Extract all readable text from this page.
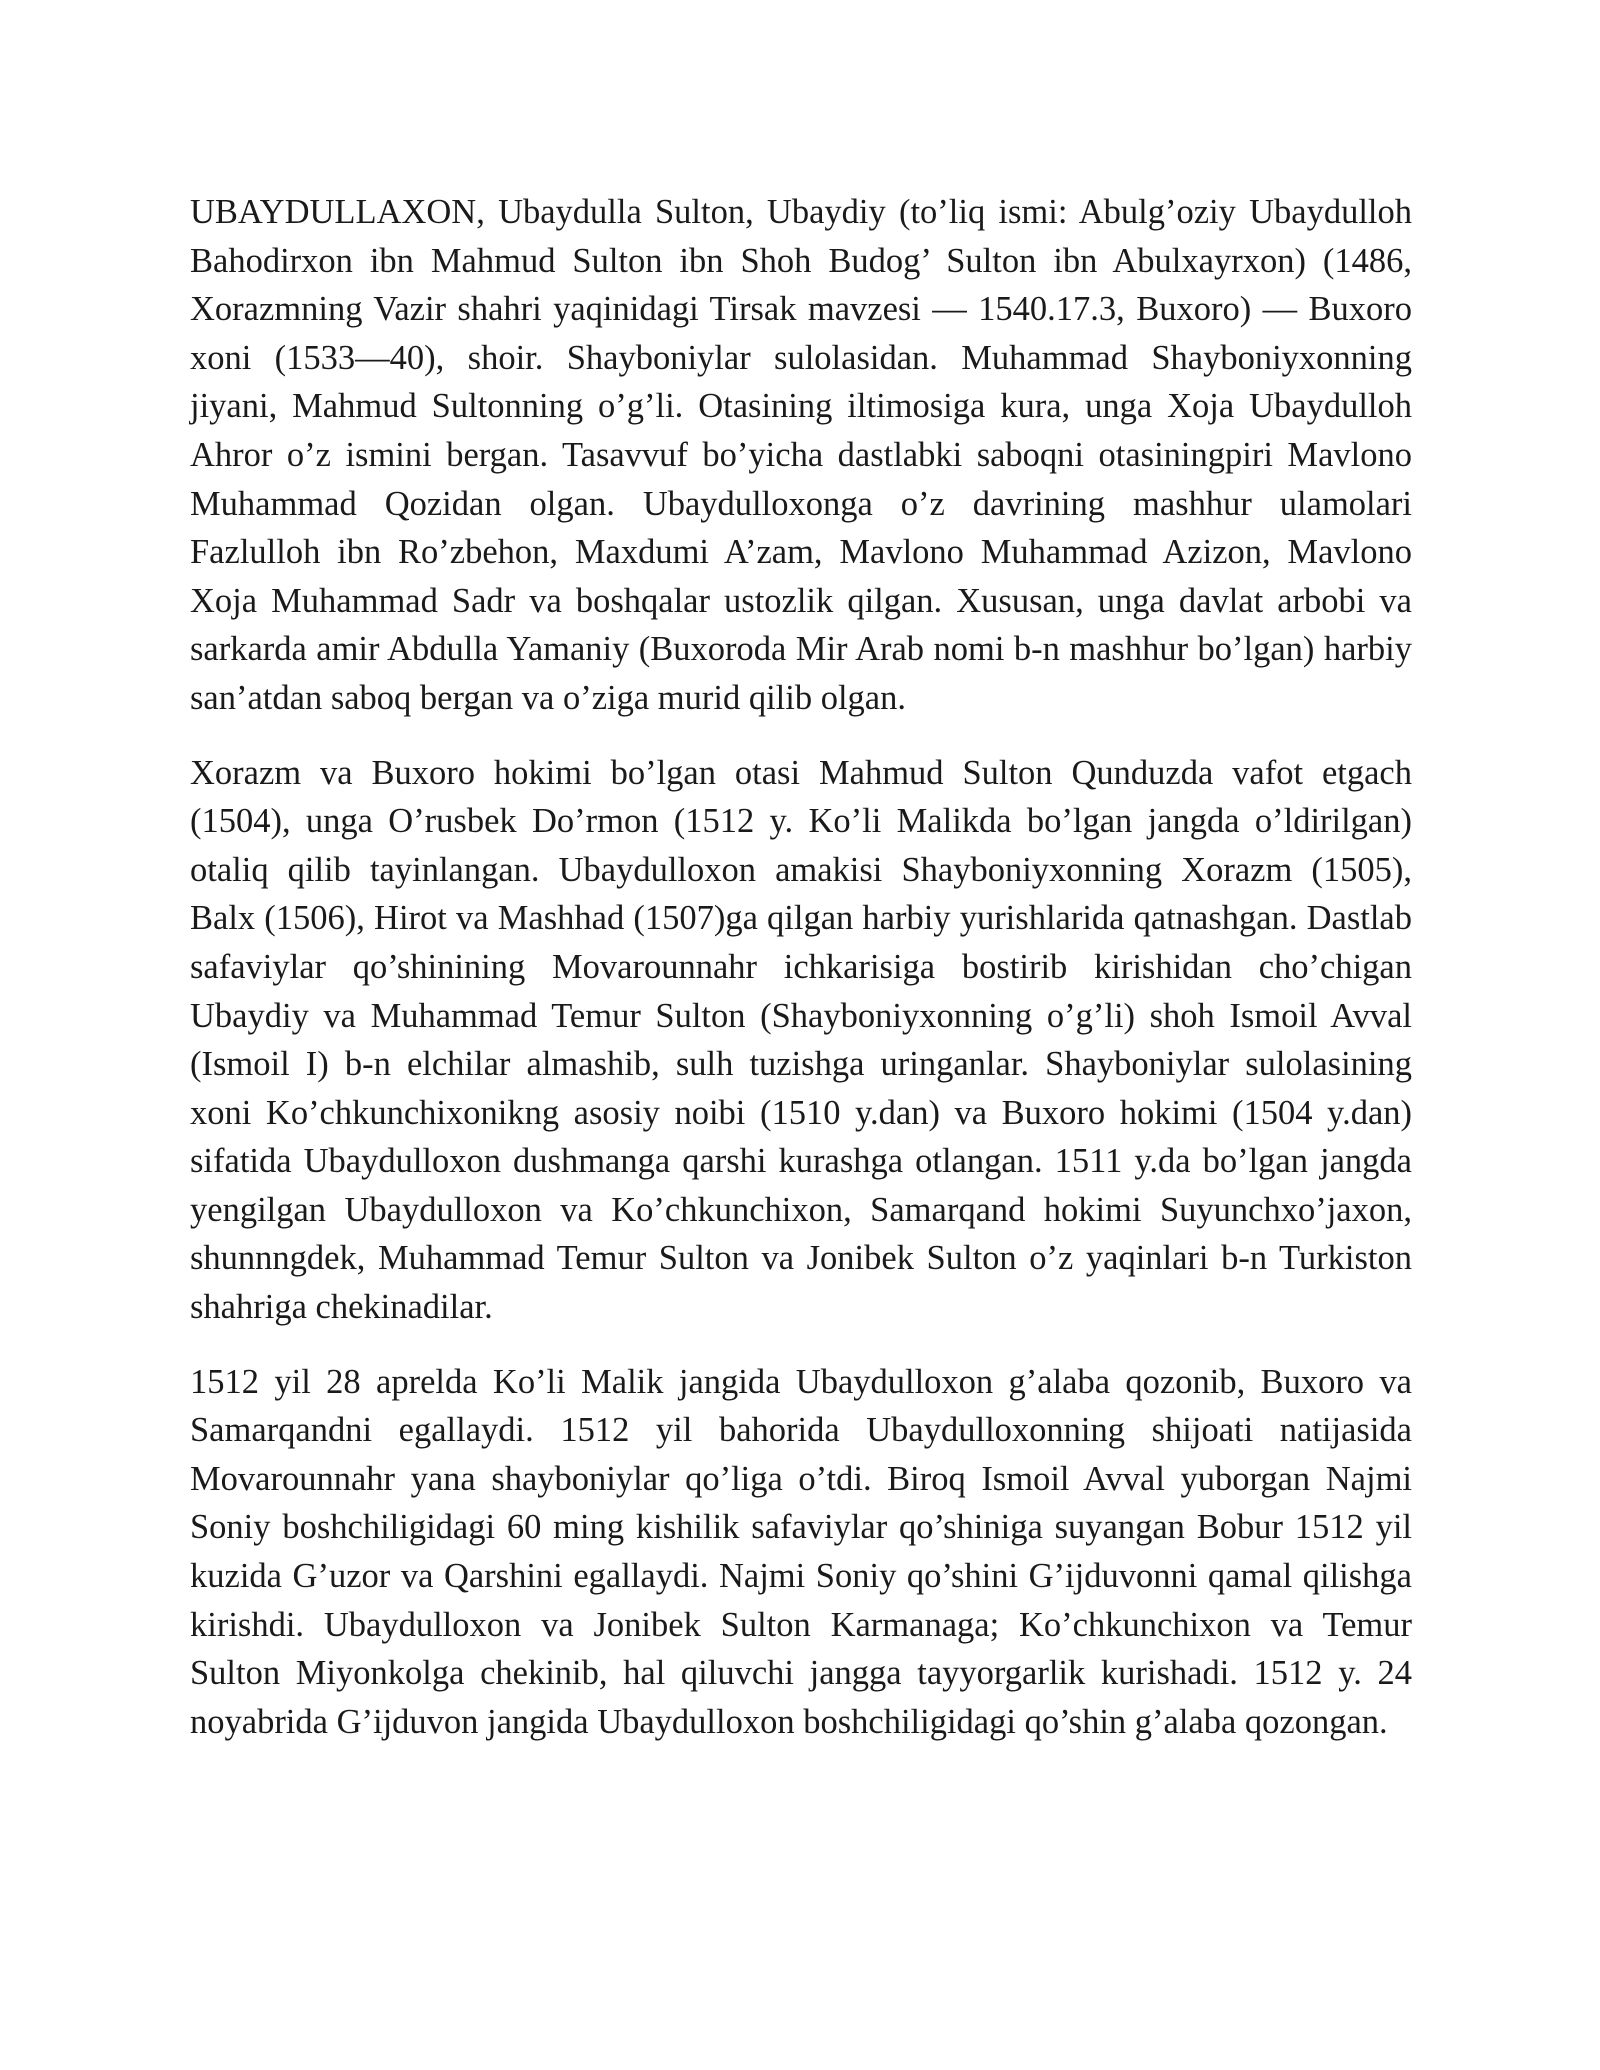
UBAYDULLAXON, Ubaydulla Sulton, Ubaydiy (to’liq ismi: Abulg’oziy Ubaydulloh Bahodirxon ibn Mahmud Sulton ibn Shoh Budog’ Sulton ibn Abulxayrxon) (1486, Xorazmning Vazir shahri yaqinidagi Tirsak mavzesi — 1540.17.3, Buxoro) — Buxoro xoni (1533—40), shoir. Shayboniylar sulolasidan. Muhammad Shayboniyxonning jiyani, Mahmud Sultonning o’g’li. Otasining iltimosiga kura, unga Xoja Ubaydulloh Ahror o’z ismini bergan. Tasavvuf bo’yicha dastlabki saboqni otasiningpiri Mavlono Muhammad Qozidan olgan. Ubaydulloxonga o’z davrining mashhur ulamolari Fazlulloh ibn Ro’zbehon, Maxdumi A’zam, Mavlono Muhammad Azizon, Mavlono Xoja Muhammad Sadr va boshqalar ustozlik qilgan. Xususan, unga davlat arbobi va sarkarda amir Abdulla Yamaniy (Buxoroda Mir Arab nomi b-n mashhur bo’lgan) harbiy san’atdan saboq bergan va o’ziga murid qilib olgan.

Xorazm va Buxoro hokimi bo’lgan otasi Mahmud Sulton Qunduzda vafot etgach (1504), unga O’rusbek Do’rmon (1512 y. Ko’li Malikda bo’lgan jangda o’ldirilgan) otaliq qilib tayinlangan. Ubaydulloxon amakisi Shayboniyxonning Xorazm (1505), Balx (1506), Hirot va Mashhad (1507)ga qilgan harbiy yurishlarida qatnashgan. Dastlab safaviylar qo’shinining Movarounnahr ichkarisiga bostirib kirishidan cho’chigan Ubaydiy va Muhammad Temur Sulton (Shayboniyxonning o’g’li) shoh Ismoil Avval (Ismoil I) b-n elchilar almashib, sulh tuzishga uringanlar. Shayboniylar sulolasining xoni Ko’chkunchixonikng asosiy noibi (1510 y.dan) va Buxoro hokimi (1504 y.dan) sifatida Ubaydulloxon dushmanga qarshi kurashga otlangan. 1511 y.da bo’lgan jangda yengilgan Ubaydulloxon va Ko’chkunchixon, Samarqand hokimi Suyunchxo’jaxon, shunnngdek, Muhammad Temur Sulton va Jonibek Sulton o’z yaqinlari b-n Turkiston shahriga chekinadilar.

1512 yil 28 aprelda Ko’li Malik jangida Ubaydulloxon g’alaba qozonib, Buxoro va Samarqandni egallaydi. 1512 yil bahorida Ubaydulloxonning shijoati natijasida Movarounnahr yana shayboniylar qo’liga o’tdi. Biroq Ismoil Avval yuborgan Najmi Soniy boshchiligidagi 60 ming kishilik safaviylar qo’shiniga suyangan Bobur 1512 yil kuzida G’uzor va Qarshini egallaydi. Najmi Soniy qo’shini G’ijduvonni qamal qilishga kirishdi. Ubaydulloxon va Jonibek Sulton Karmanaga; Ko’chkunchixon va Temur Sulton Miyonkolga chekinib, hal qiluvchi jangga tayyorgarlik kurishadi. 1512 y. 24 noyabrida G’ijduvon jangida Ubaydulloxon boshchiligidagi qo’shin g’alaba qozongan.
